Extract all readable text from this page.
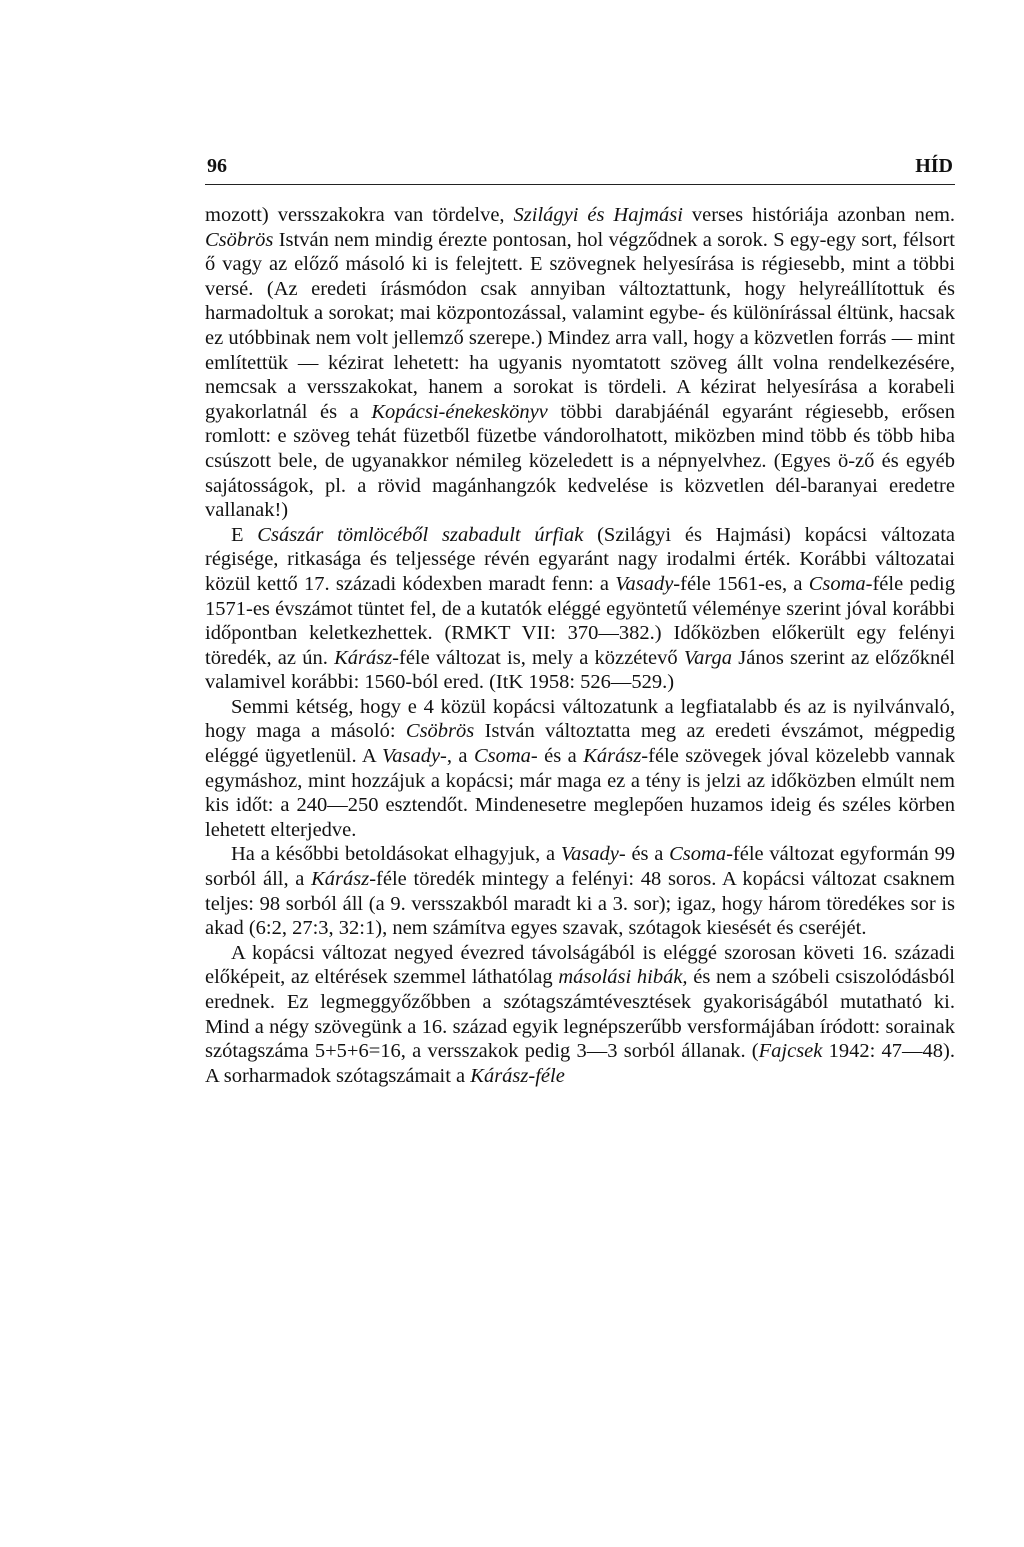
96	HÍD

mozott) versszakokra van tördelve, Szilágyi és Hajmási verses históriája azonban nem. Csöbrös István nem mindig érezte pontosan, hol végződnek a sorok. S egy-egy sort, félsort ő vagy az előző másoló ki is felejtett. E szövegnek helyesírása is régiesebb, mint a többi versé. (Az eredeti írásmódon csak annyiban változtattunk, hogy helyreállítottuk és harmadoltuk a sorokat; mai központozással, valamint egybe- és különírással éltünk, hacsak ez utóbbinak nem volt jellemző szerepe.) Mindez arra vall, hogy a közvetlen forrás — mint említettük — kézirat lehetett: ha ugyanis nyomtatott szöveg állt volna rendelkezésére, nemcsak a versszakokat, hanem a sorokat is tördeli. A kézirat helyesírása a korabeli gyakorlatnál és a Kopácsi-énekeskönyv többi darabjáénál egyaránt régiesebb, erősen romlott: e szöveg tehát füzetből füzetbe vándorolhatott, miközben mind több és több hiba csúszott bele, de ugyanakkor némileg közeledett is a népnyelvhez. (Egyes ö-ző és egyéb sajátosságok, pl. a rövid magánhangzók kedvelése is közvetlen dél-baranyai eredetre vallanak!)

E Császár tömlöcéből szabadult úrfiak (Szilágyi és Hajmási) kopácsi változata régisége, ritkasága és teljessége révén egyaránt nagy irodalmi érték. Korábbi változatai közül kettő 17. századi kódexben maradt fenn: a Vasady-féle 1561-es, a Csoma-féle pedig 1571-es évszámot tüntet fel, de a kutatók eléggé egyöntetű véleménye szerint jóval korábbi időpontban keletkezhettek. (RMKT VII: 370—382.) Időközben előkerült egy felényi töredék, az ún. Kárász-féle változat is, mely a közzétevő Varga János szerint az előzőknél valamivel korábbi: 1560-ból ered. (ItK 1958: 526—529.)

Semmi kétség, hogy e 4 közül kopácsi változatunk a legfiatalabb és az is nyilvánvaló, hogy maga a másoló: Csöbrös István változtatta meg az eredeti évszámot, mégpedig eléggé ügyetlenül. A Vasady-, a Csoma- és a Kárász-féle szövegek jóval közelebb vannak egymáshoz, mint hozzájuk a kopácsi; már maga ez a tény is jelzi az időközben elmúlt nem kis időt: a 240—250 esztendőt. Mindenesetre meglepően huzamos ideig és széles körben lehetett elterjedve.

Ha a későbbi betoldásokat elhagyjuk, a Vasady- és a Csoma-féle változat egyformán 99 sorból áll, a Kárász-féle töredék mintegy a felényi: 48 soros. A kopácsi változat csaknem teljes: 98 sorból áll (a 9. versszakból maradt ki a 3. sor); igaz, hogy három töredékes sor is akad (6:2, 27:3, 32:1), nem számítva egyes szavak, szótagok kiesését és cseréjét.

A kopácsi változat negyed évezred távolságából is eléggé szorosan követi 16. századi előképeit, az eltérések szemmel láthatólag másolási hibák, és nem a szóbeli csiszolódásból erednek. Ez legmeggyőzőbben a szótagszámtévesztések gyakoriságából mutatható ki. Mind a négy szövegünk a 16. század egyik legnépszerűbb versformájában íródott: sorainak szótagszáma 5+5+6=16, a versszakok pedig 3—3 sorból állanak. (Fajcsek 1942: 47—48). A sorharmadok szótagszámait a Kárász-féle
